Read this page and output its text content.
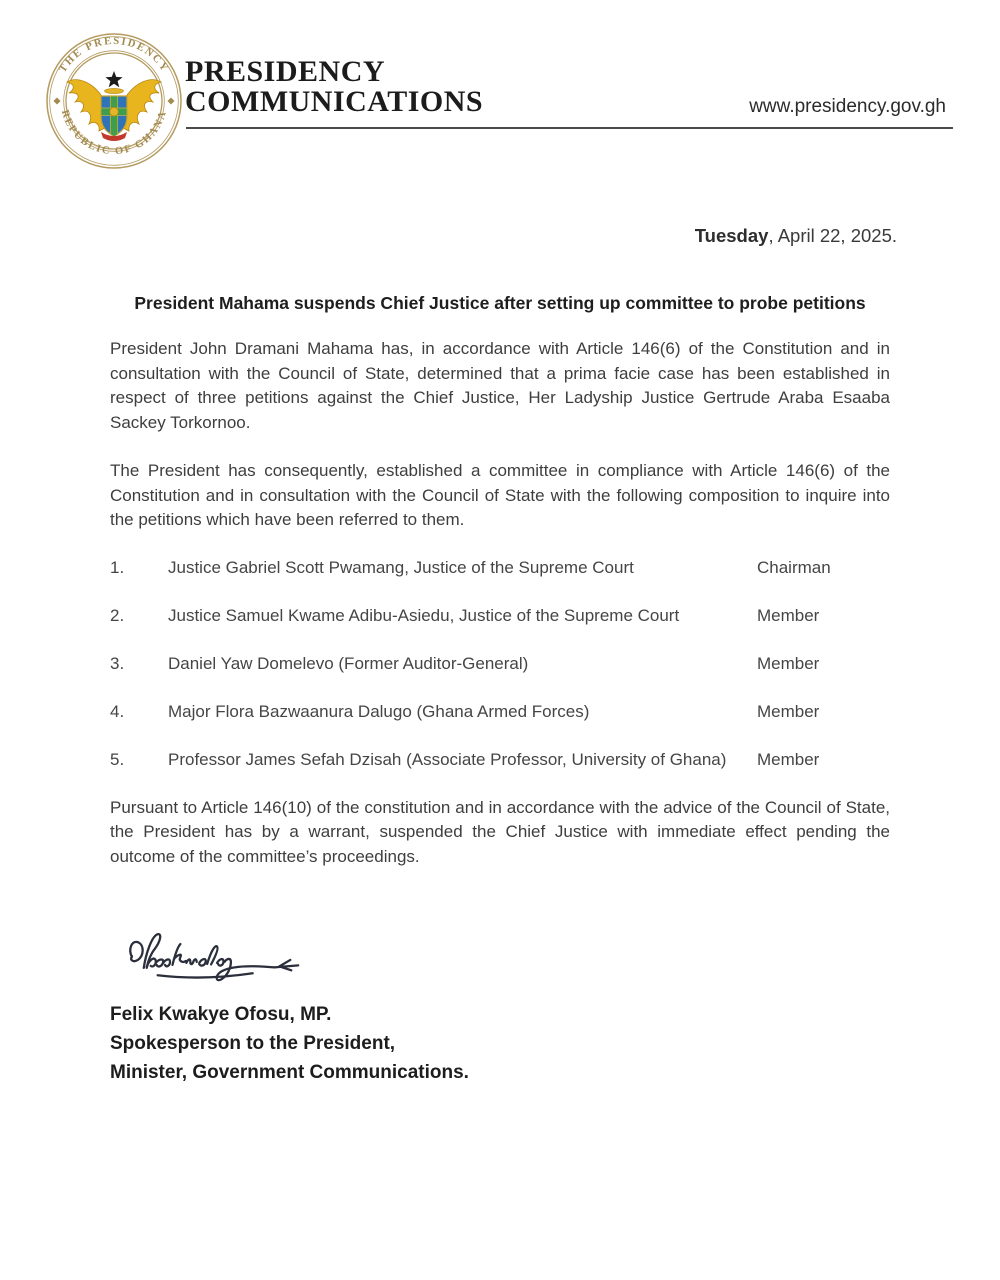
THE PRESIDENCY
REPUBLIC OF GHANA
PRESIDENCY
COMMUNICATIONS	www.presidency.gov.gh
Tuesday, April 22, 2025.
President Mahama suspends Chief Justice after setting up committee to probe petitions

President John Dramani Mahama has, in accordance with Article 146(6) of the Constitution and in consultation with the Council of State, determined that a prima facie case has been established in respect of three petitions against the Chief Justice, Her Ladyship Justice Gertrude Araba Esaaba Sackey Torkornoo.

The President has consequently, established a committee in compliance with Article 146(6) of the Constitution and in consultation with the Council of State with the following composition to inquire into the petitions which have been referred to them.

1.	Justice Gabriel Scott Pwamang, Justice of the Supreme Court	Chairman
2.	Justice Samuel Kwame Adibu-Asiedu, Justice of the Supreme Court	Member
3.	Daniel Yaw Domelevo (Former Auditor-General)	Member
4.	Major Flora Bazwaanura Dalugo (Ghana Armed Forces)	Member
5.	Professor James Sefah Dzisah (Associate Professor, University of Ghana)	Member

Pursuant to Article 146(10) of the constitution and in accordance with the advice of the Council of State, the President has by a warrant, suspended the Chief Justice with immediate effect pending the outcome of the committee’s proceedings.

Felix Kwakye Ofosu, MP.
Spokesperson to the President,
Minister, Government Communications.
